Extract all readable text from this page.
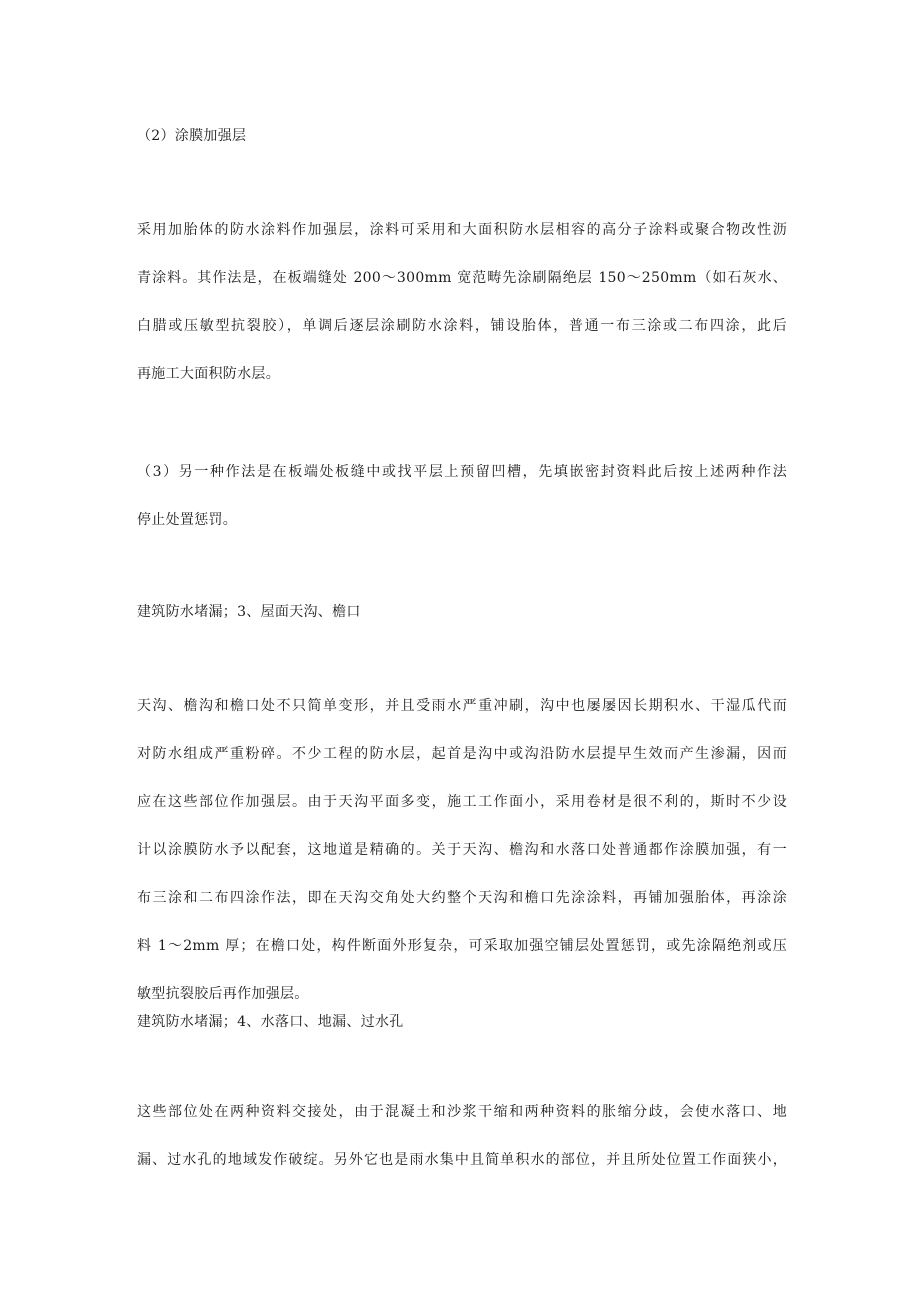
（2）涂膜加强层
采用加胎体的防水涂料作加强层，涂料可采用和大面积防水层相容的高分子涂料或聚合物改性沥
青涂料。其作法是，在板端缝处 200～300mm 宽范畴先涂刷隔绝层 150～250mm（如石灰水、
白腊或压敏型抗裂胶），单调后逐层涂刷防水涂料，铺设胎体，普通一布三涂或二布四涂，此后
再施工大面积防水层。
（3）另一种作法是在板端处板缝中或找平层上预留凹槽，先填嵌密封资料此后按上述两种作法
停止处置惩罚。
建筑防水堵漏；3、屋面天沟、檐口
天沟、檐沟和檐口处不只简单变形，并且受雨水严重冲刷，沟中也屡屡因长期积水、干湿瓜代而
对防水组成严重粉碎。不少工程的防水层，起首是沟中或沟沿防水层提早生效而产生渗漏，因而
应在这些部位作加强层。由于天沟平面多变，施工工作面小，采用卷材是很不利的，斯时不少设
计以涂膜防水予以配套，这地道是精确的。关于天沟、檐沟和水落口处普通都作涂膜加强，有一
布三涂和二布四涂作法，即在天沟交角处大约整个天沟和檐口先涂涂料，再铺加强胎体，再涂涂
料 1～2mm 厚；在檐口处，构件断面外形复杂，可采取加强空铺层处置惩罚，或先涂隔绝剂或压
敏型抗裂胶后再作加强层。
建筑防水堵漏；4、水落口、地漏、过水孔
这些部位处在两种资料交接处，由于混凝土和沙浆干缩和两种资料的胀缩分歧，会使水落口、地
漏、过水孔的地域发作破绽。另外它也是雨水集中且简单积水的部位，并且所处位置工作面狭小，
